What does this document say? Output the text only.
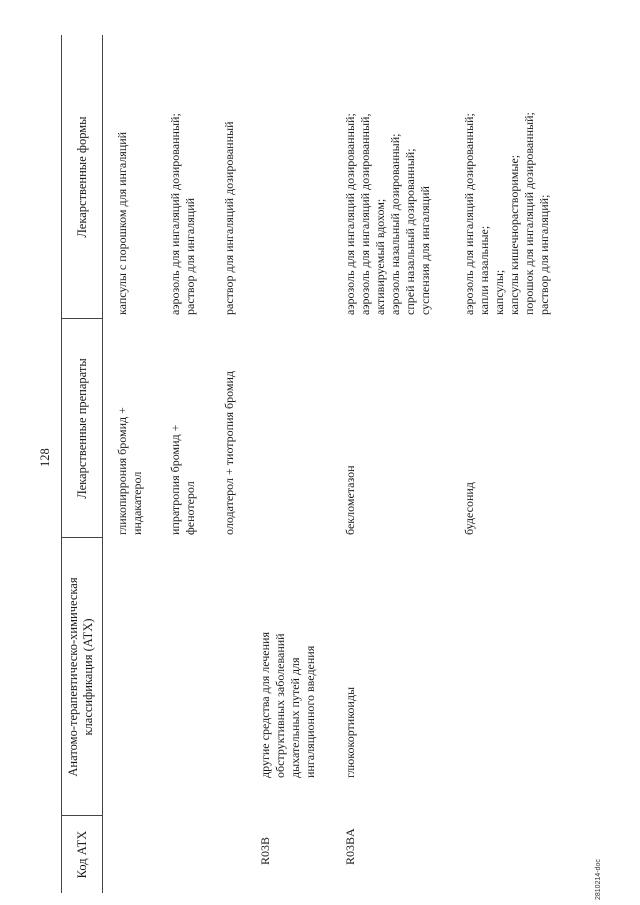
128
Код АТХ
Анатомо-терапевтическо-химическая классификация (АТХ)
Лекарственные препараты
Лекарственные формы
гликопиррония бромид + индакатерол
капсулы с порошком для ингаляций
ипратропия бромид + фенотерол
аэрозоль для ингаляций дозированный; раствор для ингаляций
олодатерол + тиотропия бромид
раствор для ингаляций дозированный
R03B
другие средства для лечения обструктивных заболеваний дыхательных путей для ингаляционного введения
R03BA
глюкокортикоиды
беклометазон
аэрозоль для ингаляций дозированный; аэрозоль для ингаляций дозированный, активируемый вдохом; аэрозоль назальный дозированный; спрей назальный дозированный; суспензия для ингаляций
будесонид
аэрозоль для ингаляций дозированный; капли назальные; капсулы; капсулы кишечнорастворимые; порошок для ингаляций дозированный; раствор для ингаляций;
2810214-doc
